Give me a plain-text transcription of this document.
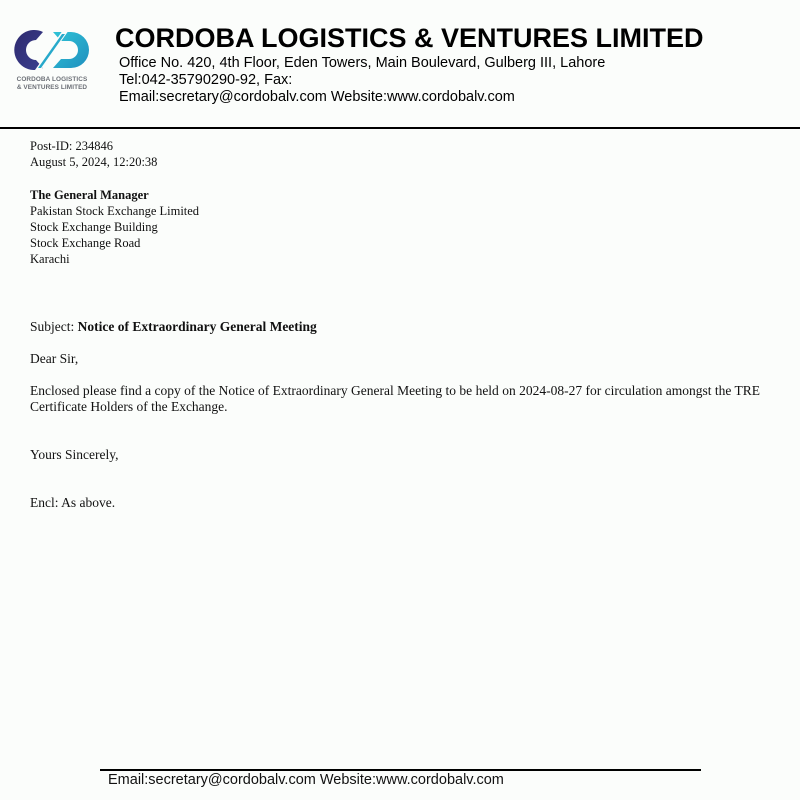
CORDOBA LOGISTICS
& VENTURES LIMITED
CORDOBA LOGISTICS & VENTURES LIMITED
Office No. 420, 4th Floor, Eden Towers, Main Boulevard, Gulberg III, Lahore
Tel:042-35790290-92, Fax:
Email:secretary@cordobalv.com Website:www.cordobalv.com
Post-ID: 234846
August 5, 2024, 12:20:38
The General Manager
Pakistan Stock Exchange Limited
Stock Exchange Building
Stock Exchange Road
Karachi
Subject: Notice of Extraordinary General Meeting
Dear Sir,
Enclosed please find a copy of the Notice of Extraordinary General Meeting to be held on 2024-08-27 for circulation amongst the TRE Certificate Holders of the Exchange.
Yours Sincerely,
Encl: As above.
Email:secretary@cordobalv.com Website:www.cordobalv.com
